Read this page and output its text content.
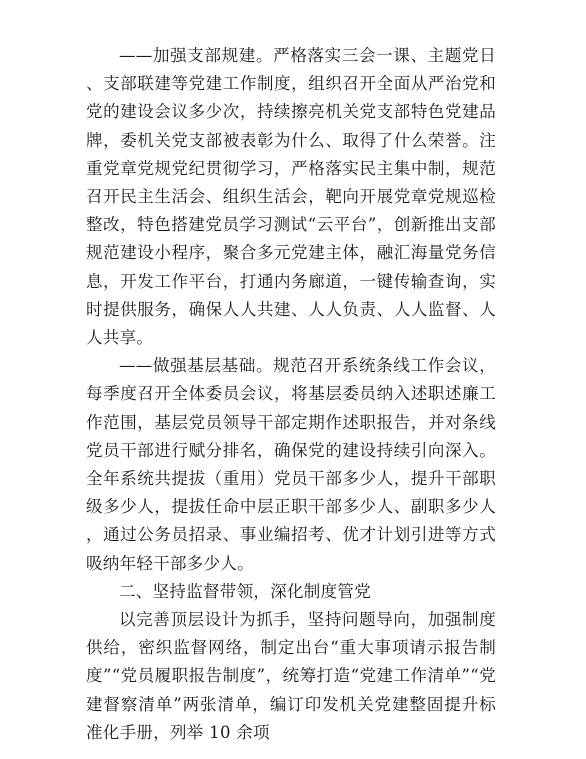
——加强支部规建。严格落实三会一课、主题党日、支部联建等党建工作制度，组织召开全面从严治党和党的建设会议多少次，持续擦亮机关党支部特色党建品牌，委机关党支部被表彰为什么、取得了什么荣誉。注重党章党规党纪贯彻学习，严格落实民主集中制，规范召开民主生活会、组织生活会，靶向开展党章党规巡检整改，特色搭建党员学习测试“云平台”，创新推出支部规范建设小程序，聚合多元党建主体，融汇海量党务信息，开发工作平台，打通内务廊道，一键传输查询，实时提供服务，确保人人共建、人人负责、人人监督、人人共享。

——做强基层基础。规范召开系统条线工作会议，每季度召开全体委员会议，将基层委员纳入述职述廉工作范围，基层党员领导干部定期作述职报告，并对条线党员干部进行赋分排名，确保党的建设持续引向深入。全年系统共提拔（重用）党员干部多少人，提升干部职级多少人，提拔任命中层正职干部多少人、副职多少人，通过公务员招录、事业编招考、优才计划引进等方式吸纳年轻干部多少人。

二、坚持监督带领，深化制度管党

以完善顶层设计为抓手，坚持问题导向，加强制度供给，密织监督网络，制定出台“重大事项请示报告制度”“党员履职报告制度”，统筹打造“党建工作清单”“党建督察清单”两张清单，编订印发机关党建整固提升标准化手册，列举 10 余项
